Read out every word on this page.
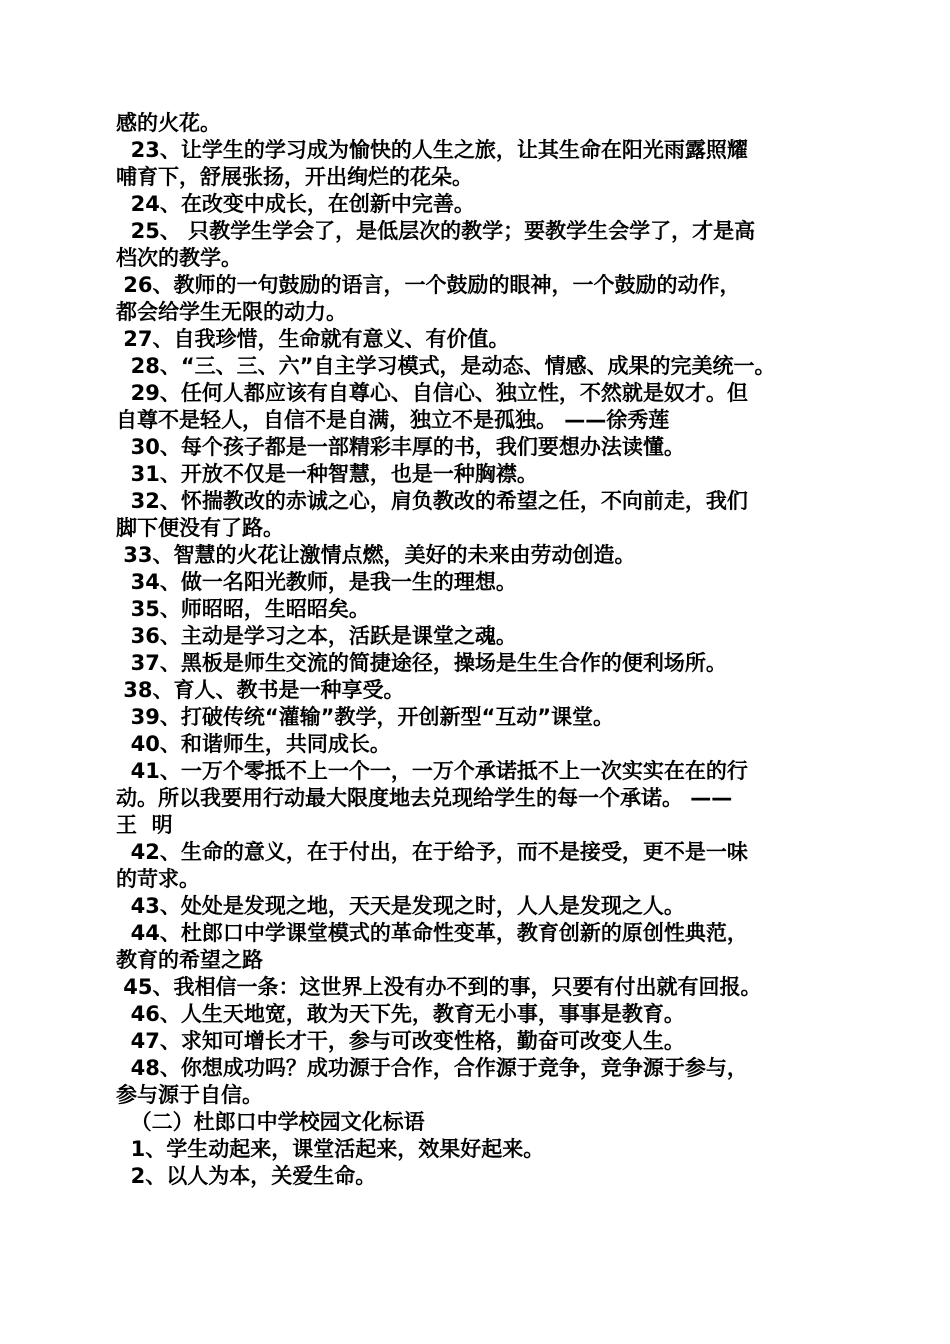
感的火花。
23、让学生的学习成为愉快的人生之旅，让其生命在阳光雨露照耀
哺育下，舒展张扬，开出绚烂的花朵。
24、在改变中成长，在创新中完善。
25、 只教学生学会了，是低层次的教学；要教学生会学了，才是高
档次的教学。
26、教师的一句鼓励的语言，一个鼓励的眼神，一个鼓励的动作，
都会给学生无限的动力。
27、自我珍惜，生命就有意义、有价值。
28、“三、三、六”自主学习模式，是动态、情感、成果的完美统一。
29、任何人都应该有自尊心、自信心、独立性，不然就是奴才。但
自尊不是轻人，自信不是自满，独立不是孤独。 ——徐秀莲
30、每个孩子都是一部精彩丰厚的书，我们要想办法读懂。
31、开放不仅是一种智慧，也是一种胸襟。
32、怀揣教改的赤诚之心，肩负教改的希望之任，不向前走，我们
脚下便没有了路。
33、智慧的火花让激情点燃，美好的未来由劳动创造。
34、做一名阳光教师，是我一生的理想。
35、师昭昭，生昭昭矣。
36、主动是学习之本，活跃是课堂之魂。
37、黑板是师生交流的简捷途径，操场是生生合作的便利场所。
38、育人、教书是一种享受。
39、打破传统“灌输”教学，开创新型“互动”课堂。
40、和谐师生，共同成长。
41、一万个零抵不上一个一，一万个承诺抵不上一次实实在在的行
动。所以我要用行动最大限度地去兑现给学生的每一个承诺。 ——
王  明
42、生命的意义，在于付出，在于给予，而不是接受，更不是一味
的苛求。
43、处处是发现之地，天天是发现之时，人人是发现之人。
44、杜郎口中学课堂模式的革命性变革，教育创新的原创性典范，
教育的希望之路
45、我相信一条：这世界上没有办不到的事，只要有付出就有回报。
46、人生天地宽，敢为天下先，教育无小事，事事是教育。
47、求知可增长才干，参与可改变性格，勤奋可改变人生。
48、你想成功吗？成功源于合作，合作源于竞争，竞争源于参与，
参与源于自信。
（二）杜郎口中学校园文化标语
1、学生动起来，课堂活起来，效果好起来。
2、以人为本，关爱生命。
